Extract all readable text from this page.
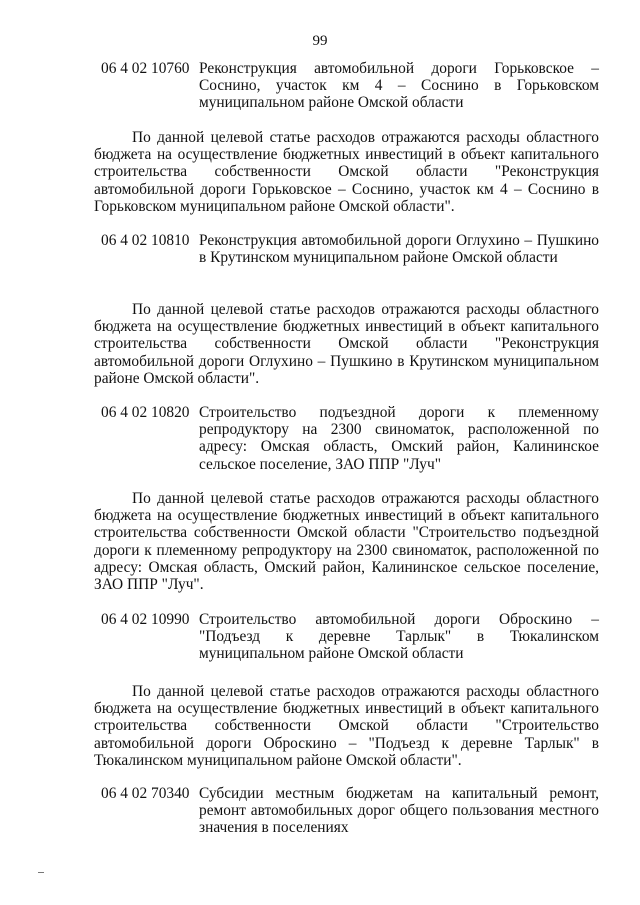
99
06 4 02 10760 Реконструкция автомобильной дороги Горьковское – Соснино, участок км 4 – Соснино в Горьковском муниципальном районе Омской области
По данной целевой статье расходов отражаются расходы областного бюджета на осуществление бюджетных инвестиций в объект капитального строительства собственности Омской области "Реконструкция автомобильной дороги Горьковское – Соснино, участок км 4 – Соснино в Горьковском муниципальном районе Омской области".
06 4 02 10810 Реконструкция автомобильной дороги Оглухино – Пушкино в Крутинском муниципальном районе Омской области
По данной целевой статье расходов отражаются расходы областного бюджета на осуществление бюджетных инвестиций в объект капитального строительства собственности Омской области "Реконструкция автомобильной дороги Оглухино – Пушкино в Крутинском муниципальном районе Омской области".
06 4 02 10820 Строительство подъездной дороги к племенному репродуктору на 2300 свиноматок, расположенной по адресу: Омская область, Омский район, Калининское сельское поселение, ЗАО ППР "Луч"
По данной целевой статье расходов отражаются расходы областного бюджета на осуществление бюджетных инвестиций в объект капитального строительства собственности Омской области "Строительство подъездной дороги к племенному репродуктору на 2300 свиноматок, расположенной по адресу: Омская область, Омский район, Калининское сельское поселение, ЗАО ППР "Луч".
06 4 02 10990 Строительство автомобильной дороги Оброскино – "Подъезд к деревне Тарлык" в Тюкалинском муниципальном районе Омской области
По данной целевой статье расходов отражаются расходы областного бюджета на осуществление бюджетных инвестиций в объект капитального строительства собственности Омской области "Строительство автомобильной дороги Оброскино – "Подъезд к деревне Тарлык" в Тюкалинском муниципальном районе Омской области".
06 4 02 70340 Субсидии местным бюджетам на капитальный ремонт, ремонт автомобильных дорог общего пользования местного значения в поселениях
